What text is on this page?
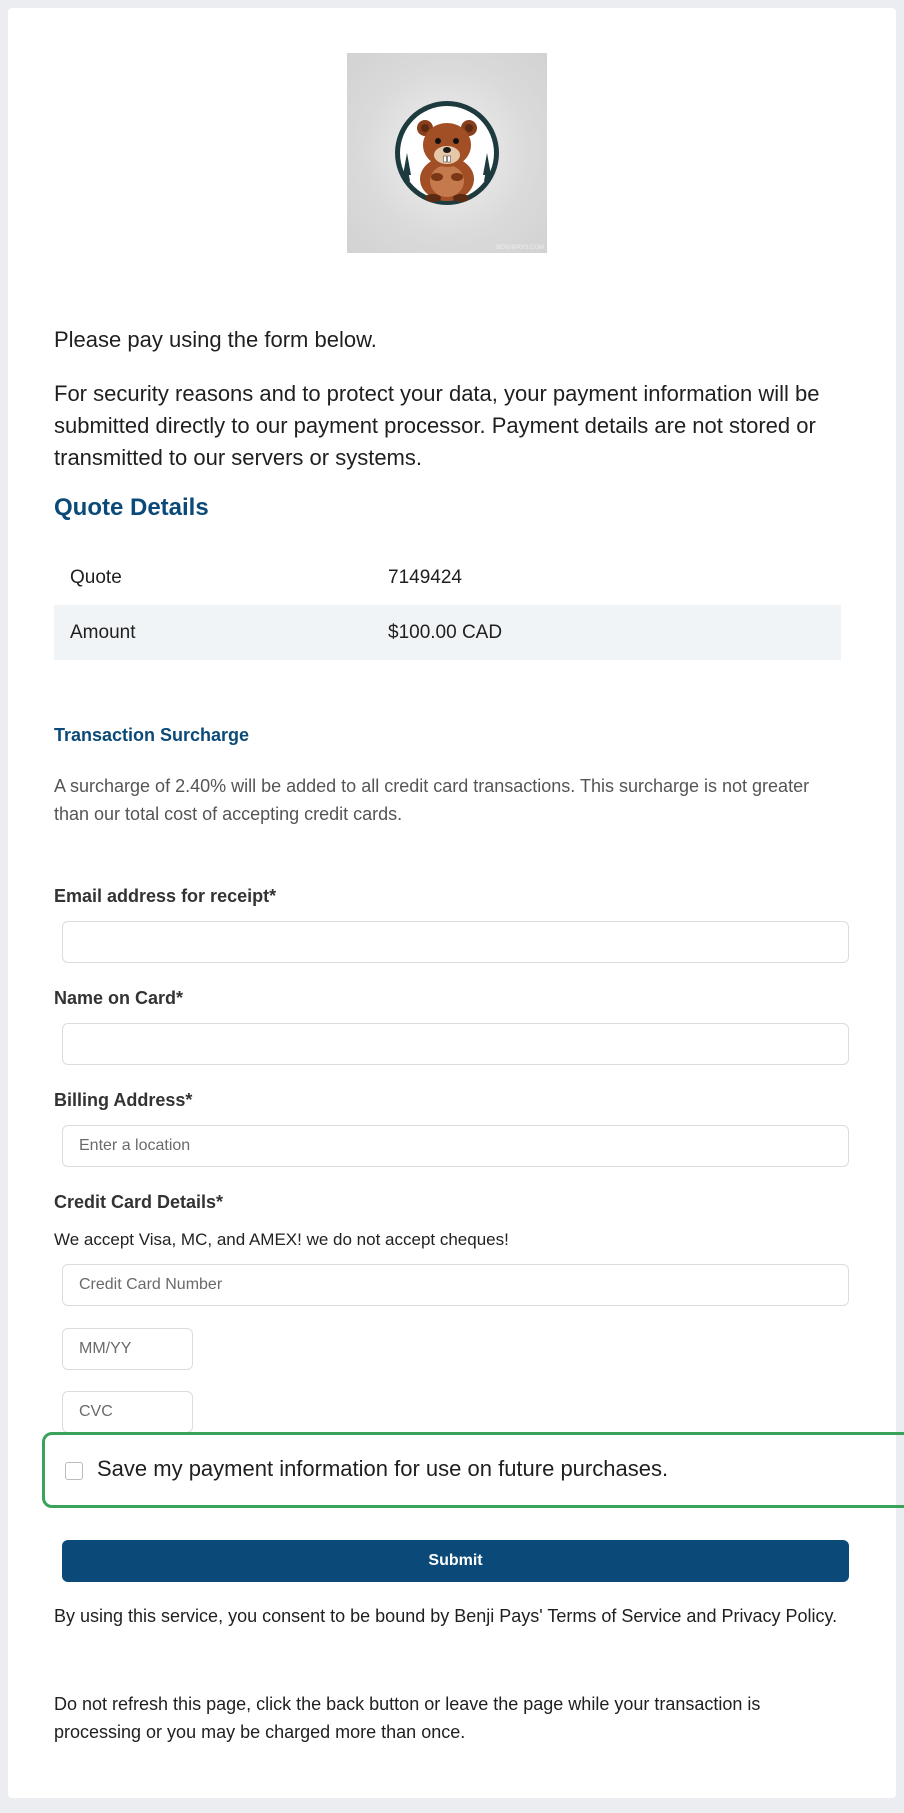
BENJIPAYS.COM

Please pay using the form below.

For security reasons and to protect your data, your payment information will be submitted directly to our payment processor. Payment details are not stored or transmitted to our servers or systems.

Quote Details
Quote	7149424
Amount	$100.00 CAD
Transaction Surcharge

A surcharge of 2.40% will be added to all credit card transactions. This surcharge is not greater than our total cost of accepting credit cards.

Email address for receipt*

Name on Card*

Billing Address*

Enter a location

Credit Card Details*

We accept Visa, MC, and AMEX! we do not accept cheques!

Credit Card Number
MM/YY
CVC
Save my payment information for use on future purchases.
Submit

By using this service, you consent to be bound by Benji Pays' Terms of Service and Privacy Policy.

Do not refresh this page, click the back button or leave the page while your transaction is processing or you may be charged more than once.
